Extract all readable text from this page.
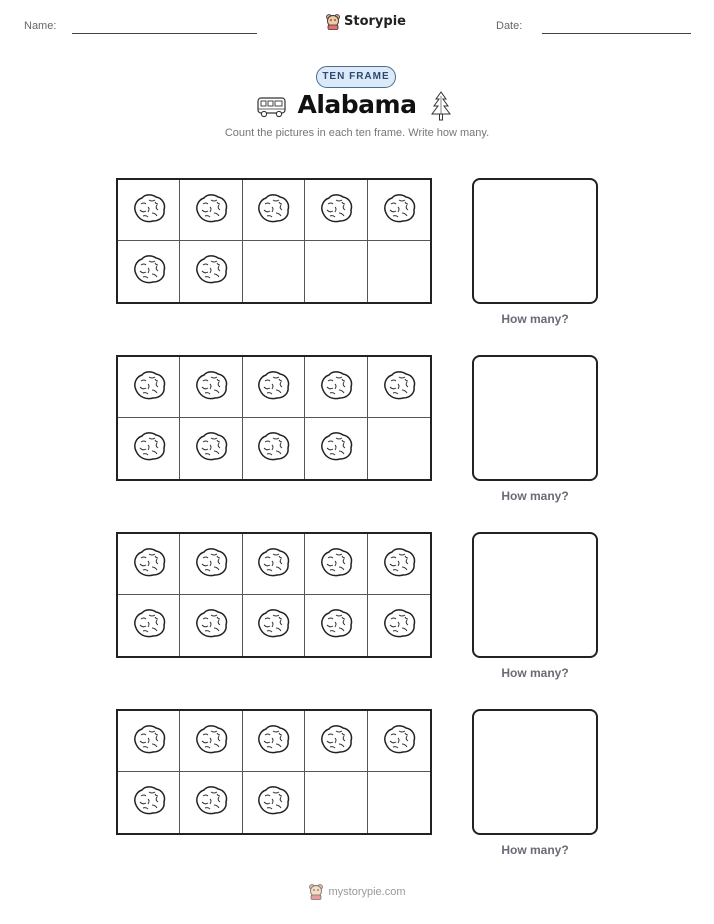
Name:	Storypie	Date:
TEN FRAME
Alabama
Count the pictures in each ten frame. Write how many.
How many?
How many?
How many?
How many?
mystorypie.com
